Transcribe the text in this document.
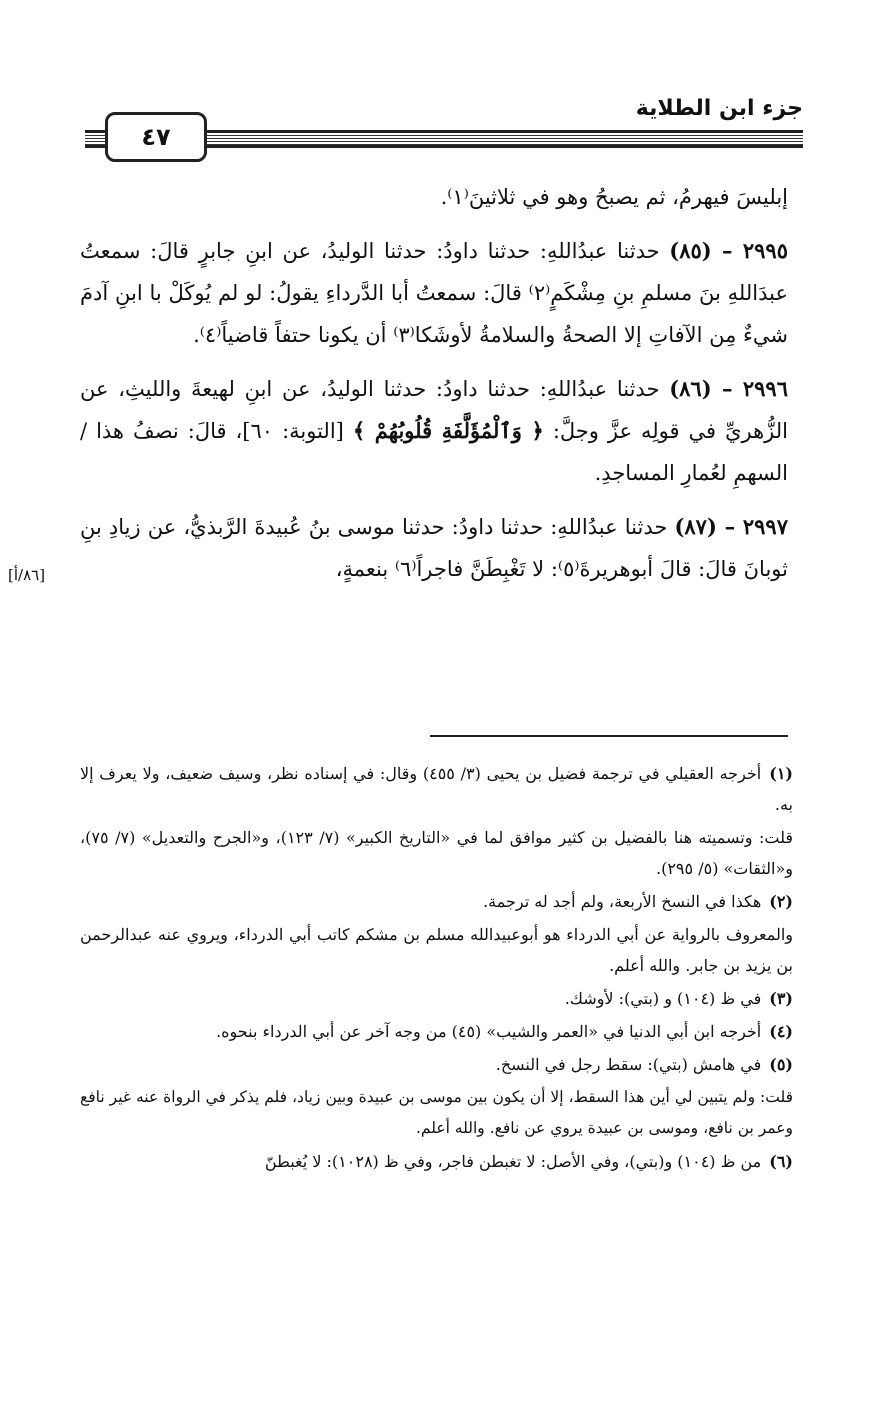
جزء ابن الطلاية
٤٧
[٨٦/أ]

إبليسَ فيهرمُ، ثم يصبحُ وهو في ثلاثينَ⁽١⁾.

٢٩٩٥ – (٨٥) حدثنا عبدُاللهِ: حدثنا داودُ: حدثنا الوليدُ، عن ابنِ جابرٍ قالَ: سمعتُ عبدَاللهِ بنَ مسلمِ بنِ مِشْكَمٍ⁽٢⁾ قالَ: سمعتُ أبا الدَّرداءِ يقولُ: لو لم يُوكَلْ با ابنِ آدمَ شيءٌ مِن الآفاتِ إلا الصحةُ والسلامةُ لأوشَكا⁽٣⁾ أن يكونا حتفاً قاضياً⁽٤⁾.

٢٩٩٦ – (٨٦) حدثنا عبدُاللهِ: حدثنا داودُ: حدثنا الوليدُ، عن ابنِ لهيعةَ والليثِ، عن الزُّهريِّ في قولِه عزَّ وجلَّ: ﴿ وَٱلْمُؤَلَّفَةِ قُلُوبُهُمْ ﴾ [التوبة: ٦٠]، قالَ: نصفُ هذا / السهمِ لعُمارِ المساجدِ.

٢٩٩٧ – (٨٧) حدثنا عبدُاللهِ: حدثنا داودُ: حدثنا موسى بنُ عُبيدةَ الرَّبذيُّ، عن زيادِ بنِ ثوبانَ قالَ: قالَ أبوهريرةَ⁽٥⁾: لا تَغْبِطَنَّ فاجراً⁽٦⁾ بنعمةٍ،

(١)أخرجه العقيلي في ترجمة فضيل بن يحيى (٣/ ٤٥٥) وقال: في إسناده نظر، وسيف ضعيف، ولا يعرف إلا به.

قلت: وتسميته هنا بالفضيل بن كثير موافق لما في «التاريخ الكبير» (٧/ ١٢٣)، و«الجرح والتعديل» (٧/ ٧٥)، و«الثقات» (٥/ ٢٩٥).

(٢)هكذا في النسخ الأربعة، ولم أجد له ترجمة.

والمعروف بالرواية عن أبي الدرداء هو أبوعبيدالله مسلم بن مشكم كاتب أبي الدرداء، ويروي عنه عبدالرحمن بن يزيد بن جابر. والله أعلم.

(٣)في ظ (١٠٤) و (بتي): لأوشك.

(٤)أخرجه ابن أبي الدنيا في «العمر والشيب» (٤٥) من وجه آخر عن أبي الدرداء بنحوه.

(٥)في هامش (بتي): سقط رجل في النسخ.

قلت: ولم يتبين لي أين هذا السقط، إلا أن يكون بين موسى بن عبيدة وبين زياد، فلم يذكر في الرواة عنه غير نافع وعمر بن نافع، وموسى بن عبيدة يروي عن نافع. والله أعلم.

(٦)من ظ (١٠٤) و(بتي)، وفي الأصل: لا تغبطن فاجر، وفي ظ (١٠٢٨): لا يُغبطنّ
